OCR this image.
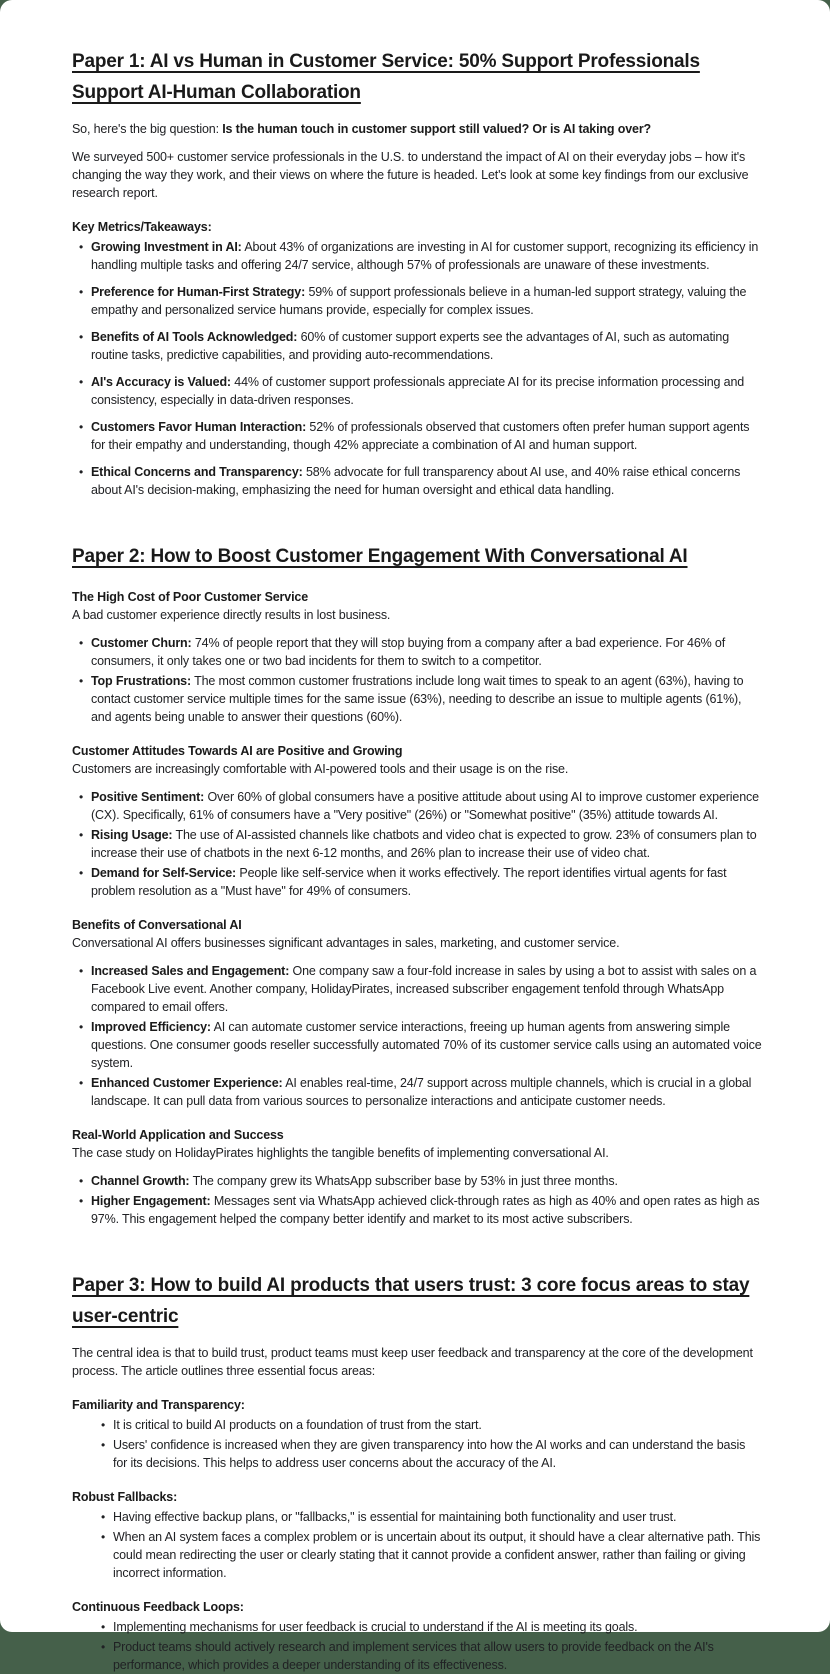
Paper 1: AI vs Human in Customer Service: 50% Support Professionals Support AI-Human Collaboration

So, here's the big question: Is the human touch in customer support still valued? Or is AI taking over?

We surveyed 500+ customer service professionals in the U.S. to understand the impact of AI on their everyday jobs – how it's changing the way they work, and their views on where the future is headed. Let's look at some key findings from our exclusive research report.

Key Metrics/Takeaways:
• Growing Investment in AI: About 43% of organizations are investing in AI for customer support, recognizing its efficiency in handling multiple tasks and offering 24/7 service, although 57% of professionals are unaware of these investments.
• Preference for Human-First Strategy: 59% of support professionals believe in a human-led support strategy, valuing the empathy and personalized service humans provide, especially for complex issues.
• Benefits of AI Tools Acknowledged: 60% of customer support experts see the advantages of AI, such as automating routine tasks, predictive capabilities, and providing auto-recommendations.
• AI's Accuracy is Valued: 44% of customer support professionals appreciate AI for its precise information processing and consistency, especially in data-driven responses.
• Customers Favor Human Interaction: 52% of professionals observed that customers often prefer human support agents for their empathy and understanding, though 42% appreciate a combination of AI and human support.
• Ethical Concerns and Transparency: 58% advocate for full transparency about AI use, and 40% raise ethical concerns about AI's decision-making, emphasizing the need for human oversight and ethical data handling.
Paper 2: How to Boost Customer Engagement With Conversational AI
The High Cost of Poor Customer Service

A bad customer experience directly results in lost business.

• Customer Churn: 74% of people report that they will stop buying from a company after a bad experience. For 46% of consumers, it only takes one or two bad incidents for them to switch to a competitor.
• Top Frustrations: The most common customer frustrations include long wait times to speak to an agent (63%), having to contact customer service multiple times for the same issue (63%), needing to describe an issue to multiple agents (61%), and agents being unable to answer their questions (60%).
Customer Attitudes Towards AI are Positive and Growing

Customers are increasingly comfortable with AI-powered tools and their usage is on the rise.

• Positive Sentiment: Over 60% of global consumers have a positive attitude about using AI to improve customer experience (CX). Specifically, 61% of consumers have a "Very positive" (26%) or "Somewhat positive" (35%) attitude towards AI.
• Rising Usage: The use of AI-assisted channels like chatbots and video chat is expected to grow. 23% of consumers plan to increase their use of chatbots in the next 6-12 months, and 26% plan to increase their use of video chat.
• Demand for Self-Service: People like self-service when it works effectively. The report identifies virtual agents for fast problem resolution as a "Must have" for 49% of consumers.
Benefits of Conversational AI

Conversational AI offers businesses significant advantages in sales, marketing, and customer service.

• Increased Sales and Engagement: One company saw a four-fold increase in sales by using a bot to assist with sales on a Facebook Live event. Another company, HolidayPirates, increased subscriber engagement tenfold through WhatsApp compared to email offers.
• Improved Efficiency: AI can automate customer service interactions, freeing up human agents from answering simple questions. One consumer goods reseller successfully automated 70% of its customer service calls using an automated voice system.
• Enhanced Customer Experience: AI enables real-time, 24/7 support across multiple channels, which is crucial in a global landscape. It can pull data from various sources to personalize interactions and anticipate customer needs.
Real-World Application and Success

The case study on HolidayPirates highlights the tangible benefits of implementing conversational AI.

• Channel Growth: The company grew its WhatsApp subscriber base by 53% in just three months.
• Higher Engagement: Messages sent via WhatsApp achieved click-through rates as high as 40% and open rates as high as 97%. This engagement helped the company better identify and market to its most active subscribers.
Paper 3: How to build AI products that users trust: 3 core focus areas to stay user-centric

The central idea is that to build trust, product teams must keep user feedback and transparency at the core of the development process. The article outlines three essential focus areas:

Familiarity and Transparency:
• It is critical to build AI products on a foundation of trust from the start.
• Users' confidence is increased when they are given transparency into how the AI works and can understand the basis for its decisions. This helps to address user concerns about the accuracy of the AI.
Robust Fallbacks:
• Having effective backup plans, or "fallbacks," is essential for maintaining both functionality and user trust.
• When an AI system faces a complex problem or is uncertain about its output, it should have a clear alternative path. This could mean redirecting the user or clearly stating that it cannot provide a confident answer, rather than failing or giving incorrect information.
Continuous Feedback Loops:
• Implementing mechanisms for user feedback is crucial to understand if the AI is meeting its goals.
• Product teams should actively research and implement services that allow users to provide feedback on the AI's performance, which provides a deeper understanding of its effectiveness.
